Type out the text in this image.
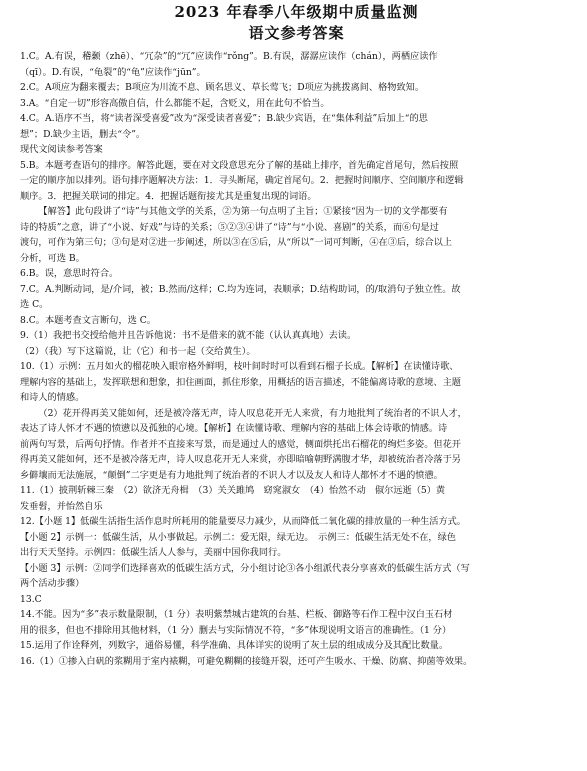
2023 年春季八年级期中质量监测
语文参考答案

1.C。A.有误，稽颡（zhē）、“冗杂”的“冗”应读作“rǒng”。B.有误，潺潺应读作（chán），两栖应读作

（qī）。D.有误，“龟裂”的“龟”应读作“jūn”。

2.C。A项应为翻来覆去；B项应为川流不息、顾名思义、草长莺飞；D项应为挑拨离间、格物致知。

3.A。“自定一切”形容高傲自信，什么都能不起，含贬义，用在此句不恰当。

4.C。A.语序不当，将“读者深受喜爱”改为“深受读者喜爱”；B.缺少宾语，在“集体利益”后加上“的思

想”；D.缺少主语，删去“令”。

现代文阅读参考答案

5.B。本题考查语句的排序。解答此题，要在对文段意思充分了解的基础上排序，首先确定首尾句，然后按照

一定的顺序加以排列。语句排序题解决方法：1．寻头断尾，确定首尾句。2．把握时间顺序、空间顺序和逻辑

顺序。3．把握关联词的排定。4．把握话题衔接尤其是重复出现的词语。

【解答】此句段讲了“诗”与其他文学的关系，②为第一句点明了主旨；①紧接“因为一切的文学都要有

诗的特质”之意，讲了“小说、好戏”与诗的关系；⑤②③④讲了“诗”与“小说、喜剧”的关系，而⑥句是过

渡句，可作为第三句；③句是对②进一步阐述，所以③在⑤后，从“所以”一词可判断，④在③后，综合以上

分析，可选 B。

6.B。误，意思时符合。

7.C。A.判断动词，是/介词，被；B.然而/这样；C.均为连词，表顺承；D.结构助词，的/取消句子独立性。故

选 C。

8.C。本题考查文言断句，选 C。

9.（1）我把书交授给他并且告诉他说：书不是借来的就不能（认认真真地）去读。

（2）（我）写下这篇说，让（它）和书一起（交给黄生）。

10.（1）示例：五月如火的榴花映入眼帘格外鲜明，枝叶间时时可以看到石榴子长成。【解析】在读懂诗歌、

理解内容的基础上，发挥联想和想象，扣住画面，抓住形象，用概括的语言描述，不能偏离诗歌的意境、主题

和诗人的情感。

（2）花开得再美又能如何，还是被冷落无声，诗人叹息花开无人来赏，有力地批判了统治者的不识人才，

表达了诗人怀才不遇的愤懑以及孤独的心境。【解析】在读懂诗歌、理解内容的基础上体会诗歌的情感。诗

前两句写景，后两句抒情。作者并不直接来写景，而是通过人的感觉，侧面烘托出石榴花的绚烂多姿。但花开

得再美又能如何，还不是被冷落无声，诗人叹息花开无人来赏，亦即暗喻朝野满腹才华，却被统治者冷落于另

乡僻壤而无法施展，“颠倒”二字更是有力地批判了统治者的不识人才以及友人和诗人都怀才不遇的愤懑。

11.（1）披荆斩棘三秦　（2）欲济无舟楫　（3）关关雎鸠　窈窕淑女　（4）怡然不动　俶尔远逝（5）黄

发垂髫，并怡然自乐

12.【小题 1】低碳生活指生活作息时所耗用的能量要尽力减少，从而降低二氧化碳的排放量的一种生活方式。

【小题 2】示例一：低碳生活，从小事做起。示例二：爱无限，绿无边。　示例三：低碳生活无处不在，绿色

出行天天坚持。示例四：低碳生活人人参与，美丽中国你我同行。

【小题 3】示例：②同学们选择喜欢的低碳生活方式，分小组讨论③各小组派代表分享喜欢的低碳生活方式（写

两个活动步骤）

13.C

14.不能。因为“多”表示数量限制，（1 分）表明紫禁城古建筑的台基、栏板、御路等石作工程中汉白玉石材

用的很多，但也不排除用其他材料，（1 分）删去与实际情况不符，“多”体现说明文语言的准确性。（1 分）

15.运用了作诠释列，列数字，通俗易懂，科学准确、具体详实的说明了灰土层的组成成分及其配比数量。

16.（1）①掺入白矾的浆糊用于室内裱糊，可避免糊糊的接缝开裂，还可产生吸水、干燥、防腐、抑菌等效果。
